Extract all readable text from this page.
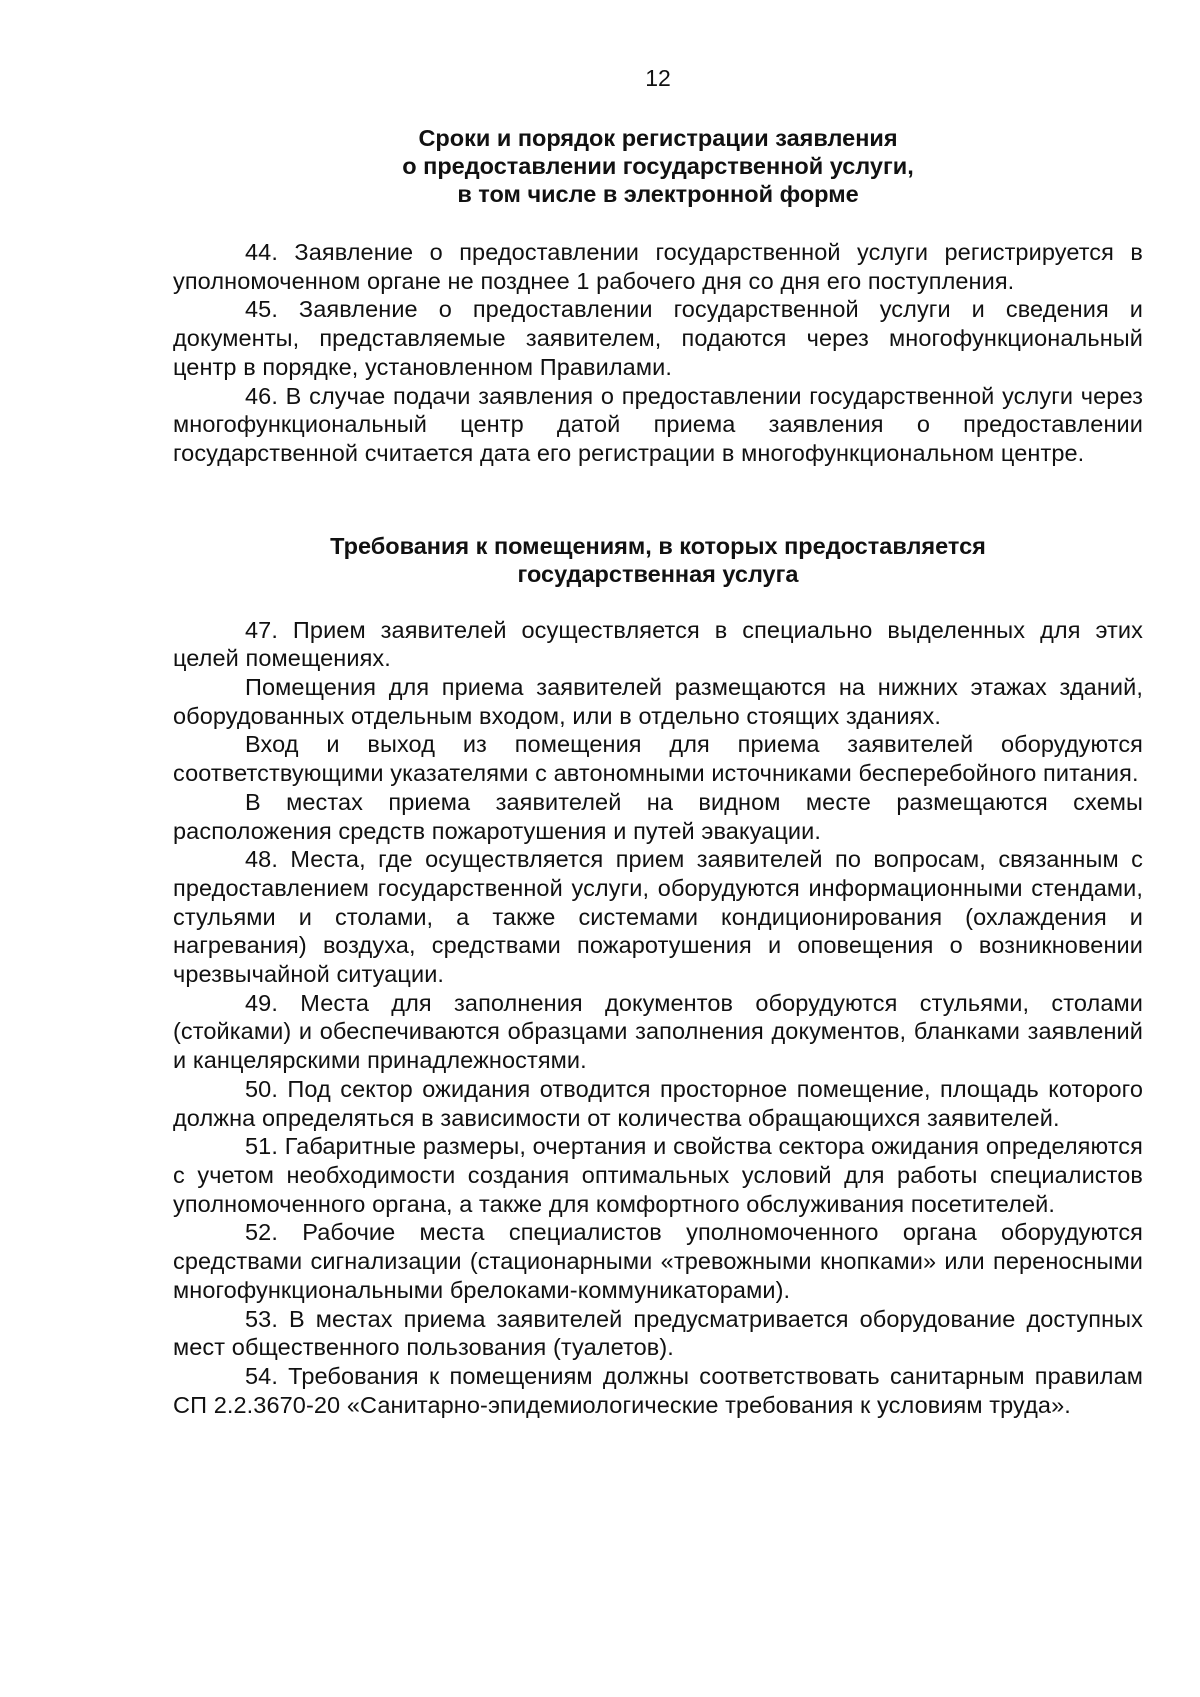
12
Сроки и порядок регистрации заявления
о предоставлении государственной услуги,
в том числе в электронной форме

44. Заявление о предоставлении государственной услуги регистрируется в уполномоченном органе не позднее 1 рабочего дня со дня его поступления.

45. Заявление о предоставлении государственной услуги и сведения и документы, представляемые заявителем, подаются через многофункциональный центр в порядке, установленном Правилами.

46. В случае подачи заявления о предоставлении государственной услуги через многофункциональный центр датой приема заявления о предоставлении государственной считается дата его регистрации в многофункциональном центре.

Требования к помещениям, в которых предоставляется
государственная услуга

47. Прием заявителей осуществляется в специально выделенных для этих целей помещениях.

Помещения для приема заявителей размещаются на нижних этажах зданий, оборудованных отдельным входом, или в отдельно стоящих зданиях.

Вход и выход из помещения для приема заявителей оборудуются соответствующими указателями с автономными источниками бесперебойного питания.

В местах приема заявителей на видном месте размещаются схемы расположения средств пожаротушения и путей эвакуации.

48. Места, где осуществляется прием заявителей по вопросам, связанным с предоставлением государственной услуги, оборудуются информационными стендами, стульями и столами, а также системами кондиционирования (охлаждения и нагревания) воздуха, средствами пожаротушения и оповещения о возникновении чрезвычайной ситуации.

49. Места для заполнения документов оборудуются стульями, столами (стойками) и обеспечиваются образцами заполнения документов, бланками заявлений и канцелярскими принадлежностями.

50. Под сектор ожидания отводится просторное помещение, площадь которого должна определяться в зависимости от количества обращающихся заявителей.

51. Габаритные размеры, очертания и свойства сектора ожидания определяются с учетом необходимости создания оптимальных условий для работы специалистов уполномоченного органа, а также для комфортного обслуживания посетителей.

52. Рабочие места специалистов уполномоченного органа оборудуются средствами сигнализации (стационарными «тревожными кнопками» или переносными многофункциональными брелоками-коммуникаторами).

53. В местах приема заявителей предусматривается оборудование доступных мест общественного пользования (туалетов).

54. Требования к помещениям должны соответствовать санитарным правилам СП 2.2.3670-20 «Санитарно-эпидемиологические требования к условиям труда».
